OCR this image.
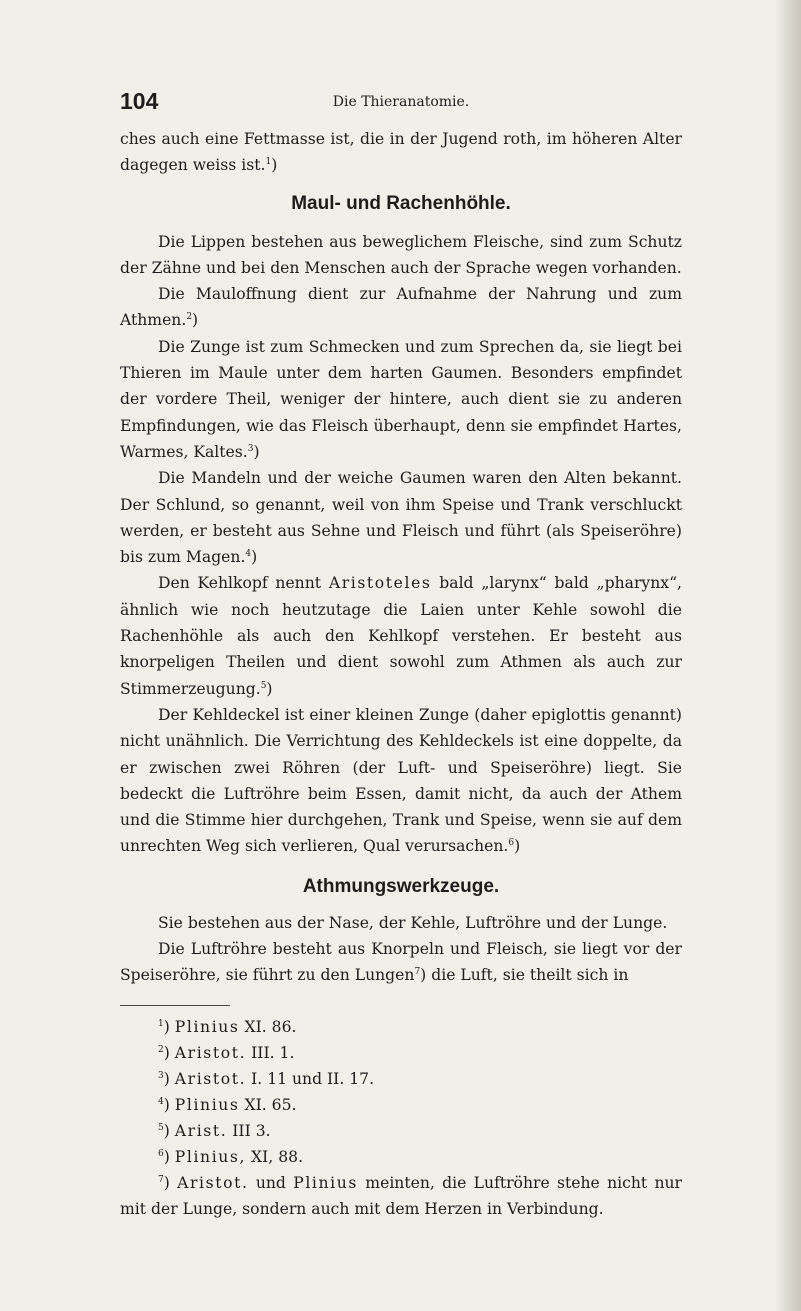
104	Die Thieranatomie.

ches auch eine Fettmasse ist, die in der Jugend roth, im höheren Alter dagegen weiss ist.$^1$)

Maul- und Rachenhöhle.

Die Lippen bestehen aus beweglichem Fleische, sind zum Schutz der Zähne und bei den Menschen auch der Sprache wegen vorhanden.

Die Mauloffnung dient zur Aufnahme der Nahrung und zum Athmen.$^2$)

Die Zunge ist zum Schmecken und zum Sprechen da, sie liegt bei Thieren im Maule unter dem harten Gaumen. Besonders empfindet der vordere Theil, weniger der hintere, auch dient sie zu anderen Empfindungen, wie das Fleisch überhaupt, denn sie empfindet Hartes, Warmes, Kaltes.$^3$)

Die Mandeln und der weiche Gaumen waren den Alten bekannt. Der Schlund, so genannt, weil von ihm Speise und Trank verschluckt werden, er besteht aus Sehne und Fleisch und führt (als Speiseröhre) bis zum Magen.$^4$)

Den Kehlkopf nennt Aristoteles bald „larynx“ bald „pharynx“, ähnlich wie noch heutzutage die Laien unter Kehle sowohl die Rachenhöhle als auch den Kehlkopf verstehen. Er besteht aus knorpeligen Theilen und dient sowohl zum Athmen als auch zur Stimmerzeugung.$^5$)

Der Kehldeckel ist einer kleinen Zunge (daher epiglottis genannt) nicht unähnlich. Die Verrichtung des Kehldeckels ist eine doppelte, da er zwischen zwei Röhren (der Luft- und Speiseröhre) liegt. Sie bedeckt die Luftröhre beim Essen, damit nicht, da auch der Athem und die Stimme hier durchgehen, Trank und Speise, wenn sie auf dem unrechten Weg sich verlieren, Qual verursachen.$^6$)

Athmungswerkzeuge.

Sie bestehen aus der Nase, der Kehle, Luftröhre und der Lunge.

Die Luftröhre besteht aus Knorpeln und Fleisch, sie liegt vor der Speiseröhre, sie führt zu den Lungen$^7$) die Luft, sie theilt sich in

$^1$) Plinius XI. 86.

$^2$) Aristot. III. 1.

$^3$) Aristot. I. 11 und II. 17.

$^4$) Plinius XI. 65.

$^5$) Arist. III 3.

$^6$) Plinius, XI, 88.

$^7$) Aristot. und Plinius meinten, die Luftröhre stehe nicht nur mit der Lunge, sondern auch mit dem Herzen in Verbindung.
